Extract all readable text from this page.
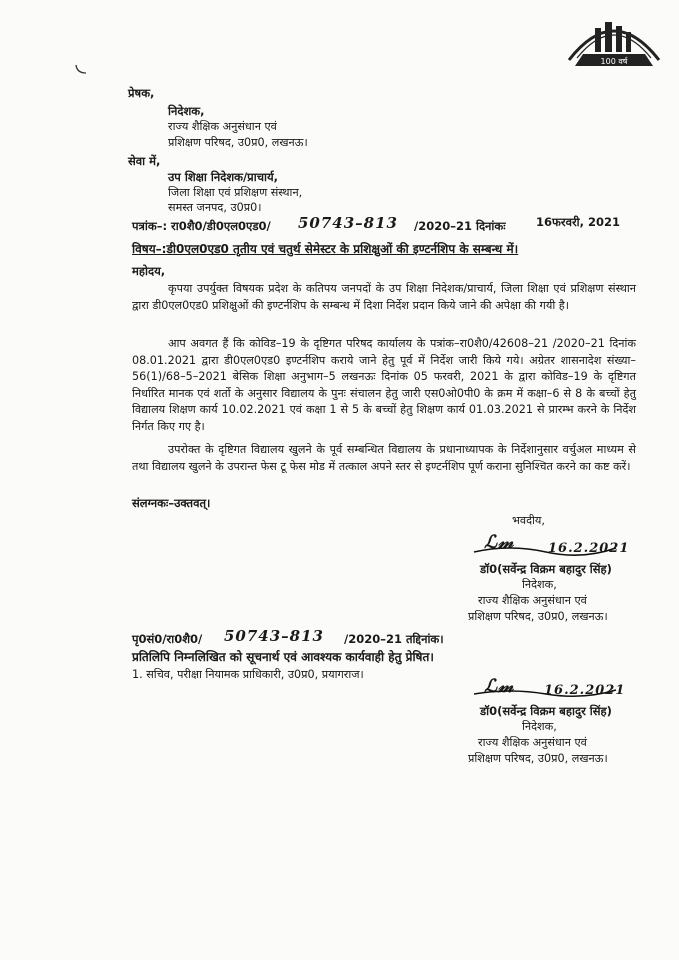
100 वर्ष
प्रेषक,
निदेशक,
राज्य शैक्षिक अनुसंधान एवं
प्रशिक्षण परिषद, उ0प्र0, लखनऊ।
सेवा में,
उप शिक्षा निदेशक/प्राचार्य,
जिला शिक्षा एवं प्रशिक्षण संस्थान,
समस्त जनपद, उ0प्र0।
पत्रांक–: रा0शै0/डी0एल0एड0/ 50743–813 /2020–21 दिनांकः	16फरवरी, 2021
विषय–:डी0एल0एड0 तृतीय एवं चतुर्थ सेमेस्टर के प्रशिक्षुओं की इण्टर्नशिप के सम्बन्ध में।
महोदय,
कृपया उपर्युक्त विषयक प्रदेश के कतिपय जनपदों के उप शिक्षा निदेशक/प्राचार्य, जिला शिक्षा एवं प्रशिक्षण संस्थान द्वारा डी0एल0एड0 प्रशिक्षुओं की इण्टर्नशिप के सम्बन्ध में दिशा निर्देश प्रदान किये जाने की अपेक्षा की गयी है।
आप अवगत हैं कि कोविड–19 के दृष्टिगत परिषद कार्यालय के पत्रांक–रा0शै0/42608–21 /2020–21 दिनांक 08.01.2021 द्वारा डी0एल0एड0 इण्टर्नशिप कराये जाने हेतु पूर्व में निर्देश जारी किये गये। अग्रेतर शासनादेश संख्या–56(1)/68–5–2021 बेसिक शिक्षा अनुभाग–5 लखनऊः दिनांक 05 फरवरी, 2021 के द्वारा कोविड–19 के दृष्टिगत निर्धारित मानक एवं शर्तो के अनुसार विद्यालय के पुनः संचालन हेतु जारी एस0ओ0पी0 के क्रम में कक्षा–6 से 8 के बच्चों हेतु विद्यालय शिक्षण कार्य 10.02.2021 एवं कक्षा 1 से 5 के बच्चों हेतु शिक्षण कार्य 01.03.2021 से प्रारम्भ करने के निर्देश निर्गत किए गए है।
उपरोक्त के दृष्टिगत विद्यालय खुलने के पूर्व सम्बन्धित विद्यालय के प्रधानाध्यापक के निर्देशानुसार वर्चुअल माध्यम से तथा विद्यालय खुलने के उपरान्त फेस टू फेस मोड में तत्काल अपने स्तर से इण्टर्नशिप पूर्ण कराना सुनिश्चित करने का कष्ट करें।
संलग्नकः–उक्तवत्।
भवदीय,
ℒ𝓂	16.2.2021
डॉ0(सर्वेन्द्र विक्रम बहादुर सिंह)
निदेशक,
राज्य शैक्षिक अनुसंधान एवं
प्रशिक्षण परिषद, उ0प्र0, लखनऊ।
पृ0सं0/रा0शै0/ 50743–813 /2020–21 तद्दिनांक।
प्रतिलिपि निम्नलिखित को सूचनार्थ एवं आवश्यक कार्यवाही हेतु प्रेषित।
1. सचिव, परीक्षा नियामक प्राधिकारी, उ0प्र0, प्रयागराज।
ℒ𝓂 16.2.2021
डॉ0(सर्वेन्द्र विक्रम बहादुर सिंह)
निदेशक,
राज्य शैक्षिक अनुसंधान एवं
प्रशिक्षण परिषद, उ0प्र0, लखनऊ।
